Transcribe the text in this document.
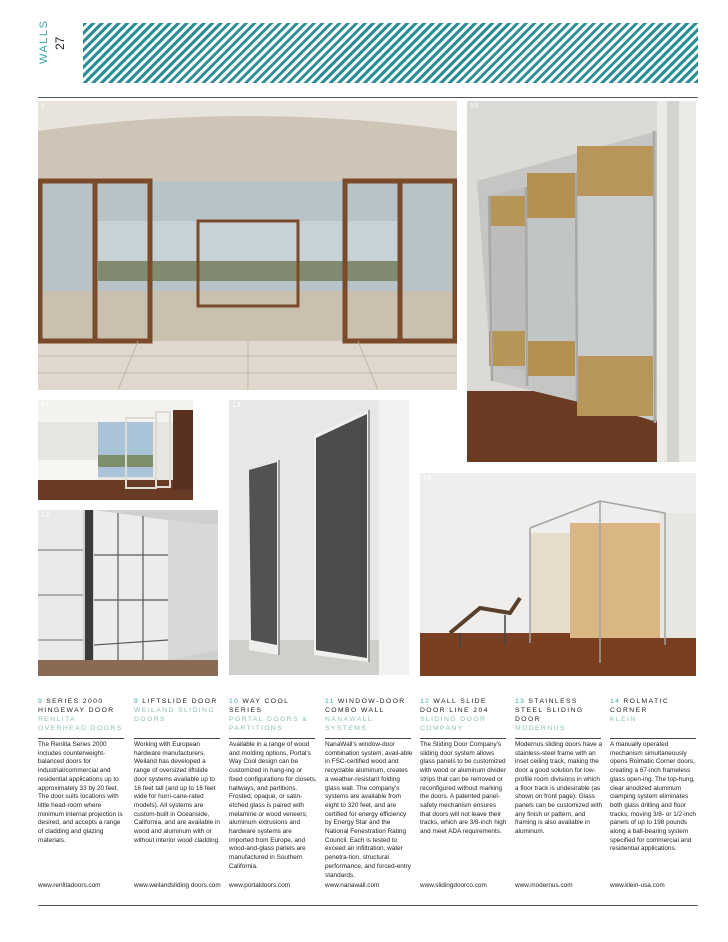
WALLS 27
9	10
11	13
14
12
9 SERIES 2000 HINGEWAY DOOR
RENLITA OVERHEAD DOORS
9 LIFTSLIDE DOOR
WEILAND SLIDING DOORS
10 WAY COOL SERIES
PORTAL DOORS & PARTITIONS
11 WINDOW-DOOR COMBO WALL
NANAWALL SYSTEMS
12 WALL SLIDE DOOR LINE 204
SLIDING DOOR COMPANY
13 STAINLESS STEEL SLIDING DOOR
MODERNUS
14 ROLMATIC CORNER
KLEIN
The Renlita Series 2000 includes counterweight-balanced doors for industrial/commercial and residential applications up to approximately 33 by 20 feet. The door suits locations with little head-room where minimum internal projection is desired, and accepts a range of cladding and glazing materials.
Working with European hardware manufacturers, Weiland has developed a range of oversized liftslide door systems available up to 16 feet tall (and up to 16 feet wide for hurri-cane-rated models). All systems are custom-built in Oceanside, California, and are available in wood and aluminum with or without interior wood cladding.
Available in a range of wood and molding options, Portal's Way Cool design can be customized in hang-ing or fixed configurations for closets, hallways, and partitions. Frosted, opaque, or satin-etched glass is paired with melamine or wood veneers; aluminum extrusions and hardware systems are imported from Europe, and wood-and-glass panels are manufactured in Southern California.
NanaWall's window-door combination system, avail-able in FSC-certified wood and recyclable aluminum, creates a weather-resistant folding glass wall. The company's systems are available from eight to 320 feet, and are certified for energy efficiency by Energy Star and the National Fenestration Rating Council. Each is tested to exceed air infiltration, water penetra-tion, structural performance, and forced-entry standards.
The Sliding Door Company's sliding door system allows glass panels to be customized with wood or aluminum divider strips that can be removed or reconfigured without marking the doors. A patented panel-safety mechanism ensures that doors will not leave their tracks, which are 3/8-inch high and meet ADA requirements.
Modernus sliding doors have a stainless-steel frame with an inset ceiling track, making the door a good solution for low-profile room divisions in which a floor track is undesirable (as shown on front page). Glass panels can be customized with any finish or pattern, and framing is also available in aluminum.
A manually operated mechanism simultaneously opens Rolmatic Corner doors, creating a 67-inch frameless glass open-ing. The top-hung, clear anodized aluminum clamping system eliminates both glass drilling and floor tracks, moving 3/8- or 1/2-inch panels of up to 198 pounds along a ball-bearing system specified for commercial and residential applications.
www.renlitadoors.com	www.weilandsliding doors.com www.portaldoors.com	www.nanawall.com	www.slidingdoorco.com	www.modernus.com	www.klein-usa.com
